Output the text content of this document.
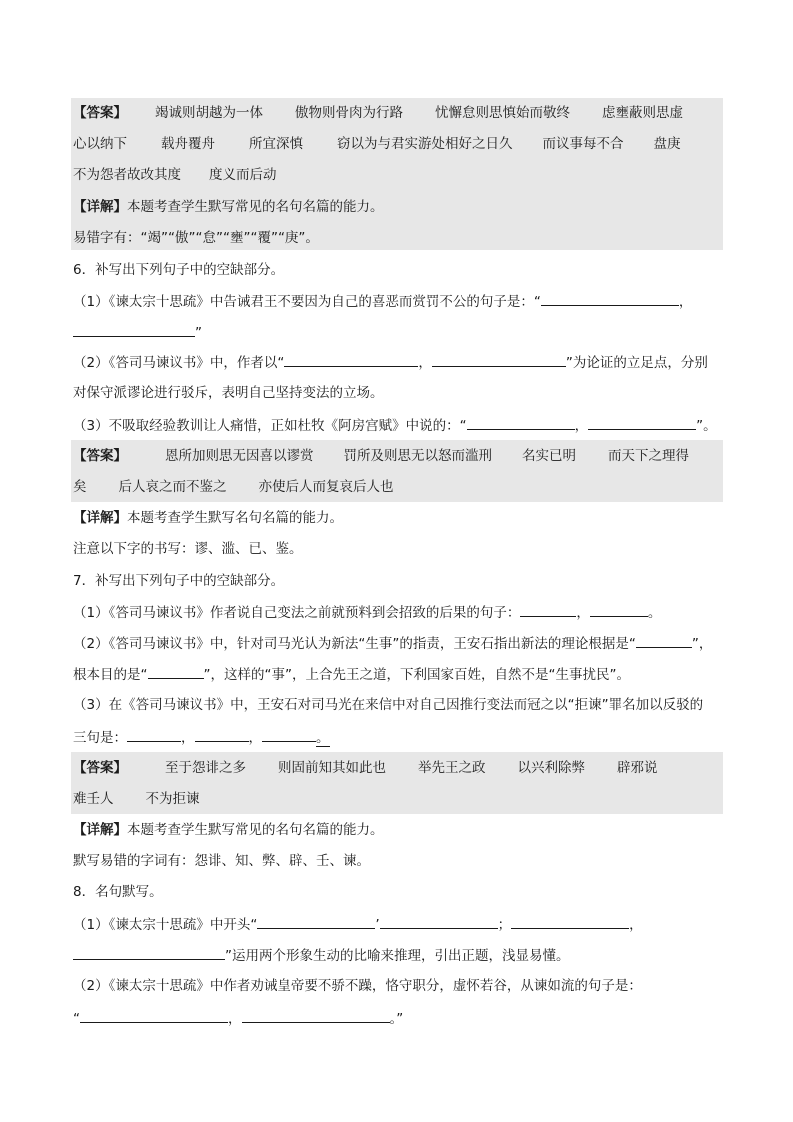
【答案】 竭诚则胡越为一体 傲物则骨肉为行路 忧懈怠则思慎始而敬终 虑壅蔽则思虚
心以纳下	载舟覆舟	所宜深慎	窃以为与君实游处相好之日久 而议事每不合 盘庚
不为怨者故改其度 度义而后动
【详解】本题考查学生默写常见的名句名篇的能力。
易错字有：“竭”“傲”“怠”“壅”“覆”“庚”。
6．补写出下列句子中的空缺部分。
（1）《谏太宗十思疏》中告诫君王不要因为自己的喜恶而赏罚不公的句子是：“	，
”
（2）《答司马谏议书》中，作者以“	，	”为论证的立足点，分别
对保守派谬论进行驳斥，表明自己坚持变法的立场。
（3）不吸取经验教训让人痛惜，正如杜牧《阿房宫赋》中说的：“	，	”。
【答案】	恩所加则思无因喜以谬赏 罚所及则思无以怒而滥刑 名实已明 而天下之理得
矣 后人哀之而不鉴之 亦使后人而复哀后人也
【详解】本题考查学生默写名句名篇的能力。
注意以下字的书写：谬、滥、已、鉴。
7．补写出下列句子中的空缺部分。
（1）《答司马谏议书》作者说自己变法之前就预料到会招致的后果的句子：	，	。
（2）《答司马谏议书》中，针对司马光认为新法“生事”的指责，王安石指出新法的理论根据是“	”，
根本目的是“	”，这样的“事”，上合先王之道，下利国家百姓，自然不是“生事扰民”。
（3）在《答司马谏议书》中，王安石对司马光在来信中对自己因推行变法而冠之以“拒谏”罪名加以反驳的
三句是：	，	，	。
【答案】	至于怨诽之多 则固前知其如此也 举先王之政 以兴利除弊 辟邪说
难壬人 不为拒谏
【详解】本题考查学生默写常见的名句名篇的能力。
默写易错的字词有：怨诽、知、弊、辟、壬、谏。
8．名句默写。
（1）《谏太宗十思疏》中开头“	’	；	，
”运用两个形象生动的比喻来推理，引出正题，浅显易懂。
（2）《谏太宗十思疏》中作者劝诫皇帝要不骄不躁，恪守职分，虚怀若谷，从谏如流的句子是：
“	，	。”
